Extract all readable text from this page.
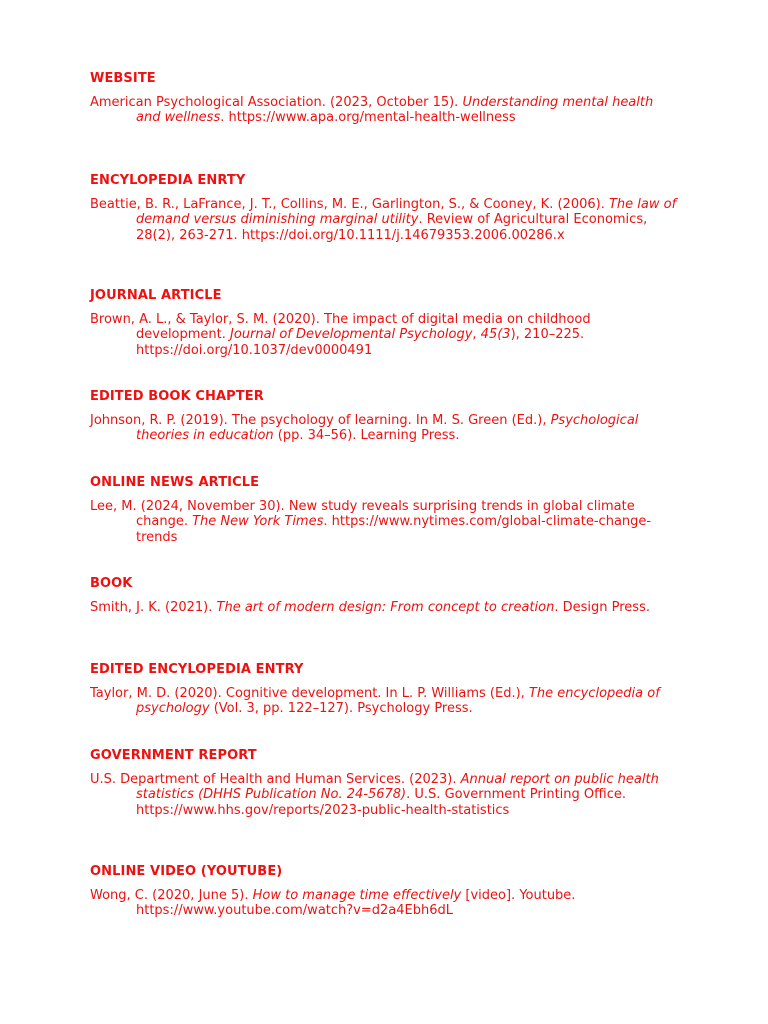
WEBSITE

American Psychological Association. (2023, October 15). Understanding mental health and wellness. https://www.apa.org/mental-health-wellness

ENCYLOPEDIA ENRTY

Beattie, B. R., LaFrance, J. T., Collins, M. E., Garlington, S., & Cooney, K. (2006). The law of demand versus diminishing marginal utility. Review of Agricultural Economics, 28(2), 263-271. https://doi.org/10.1111/j.14679353.2006.00286.x

JOURNAL ARTICLE

Brown, A. L., & Taylor, S. M. (2020). The impact of digital media on childhood development. Journal of Developmental Psychology, 45(3), 210–225. https://doi.org/10.1037/dev0000491

EDITED BOOK CHAPTER

Johnson, R. P. (2019). The psychology of learning. In M. S. Green (Ed.), Psychological theories in education (pp. 34–56). Learning Press.

ONLINE NEWS ARTICLE

Lee, M. (2024, November 30). New study reveals surprising trends in global climate change. The New York Times. https://www.nytimes.com/global-climate-change-trends

BOOK

Smith, J. K. (2021). The art of modern design: From concept to creation. Design Press.

EDITED ENCYLOPEDIA ENTRY

Taylor, M. D. (2020). Cognitive development. In L. P. Williams (Ed.), The encyclopedia of psychology (Vol. 3, pp. 122–127). Psychology Press.

GOVERNMENT REPORT

U.S. Department of Health and Human Services. (2023). Annual report on public health statistics (DHHS Publication No. 24-5678). U.S. Government Printing Office. https://www.hhs.gov/reports/2023-public-health-statistics

ONLINE VIDEO (YOUTUBE)

Wong, C. (2020, June 5). How to manage time effectively [video]. Youtube. https://www.youtube.com/watch?v=d2a4Ebh6dL
